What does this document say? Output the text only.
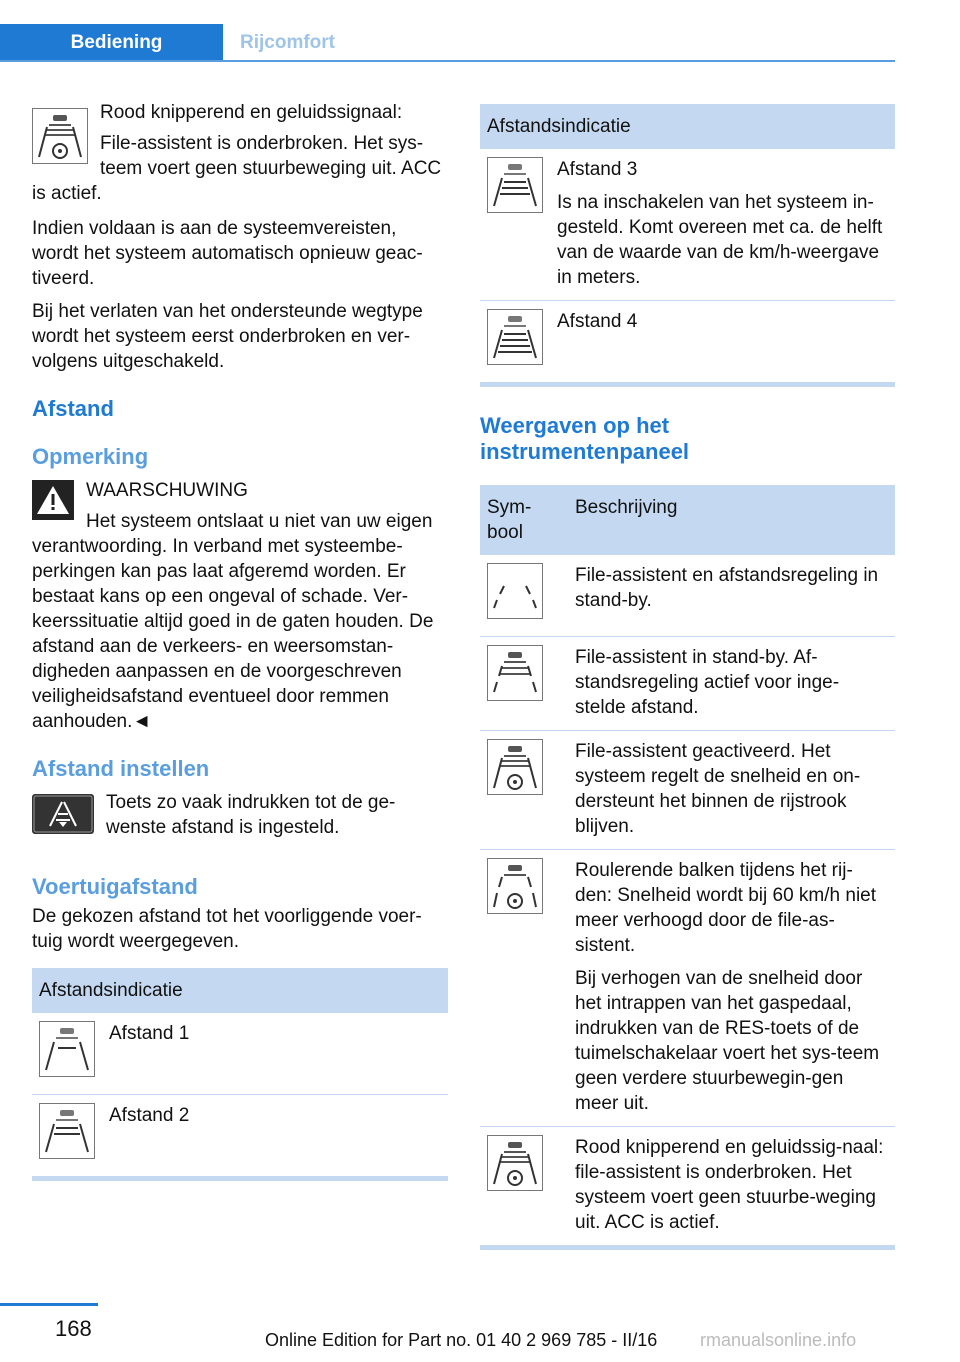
Bediening	Rijcomfort

Rood knipperend en geluidssignaal:

File-assistent is onderbroken. Het sys-teem voert geen stuurbeweging uit. ACC is actief.

Indien voldaan is aan de systeemvereisten, wordt het systeem automatisch opnieuw geac-tiveerd.

Bij het verlaten van het ondersteunde wegtype wordt het systeem eerst onderbroken en ver-volgens uitgeschakeld.

Afstand
Opmerking

WAARSCHUWING

Het systeem ontslaat u niet van uw eigen verantwoording. In verband met systeembe-perkingen kan pas laat afgeremd worden. Er bestaat kans op een ongeval of schade. Ver-keerssituatie altijd goed in de gaten houden. De afstand aan de verkeers- en weersomstan-digheden aanpassen en de voorgeschreven veiligheidsafstand eventueel door remmen aanhouden.◄

Afstand instellen

Toets zo vaak indrukken tot de ge-wenste afstand is ingesteld.

Voertuigafstand

De gekozen afstand tot het voorliggende voer-tuig wordt weergegeven.

Afstandsindicatie	

	Afstand 1

	Afstand 2
Afstandsindicatie	

Afstand 3

Is na inschakelen van het systeem in-gesteld. Komt overeen met ca. de helft van de waarde van de km/h-weergave in meters.

	Afstand 4
Weergaven op het instrumentenpaneel
Sym-bool	Beschrijving

	File-assistent en afstandsregeling in stand-by.

	File-assistent in stand-by. Af-standsregeling actief voor inge-stelde afstand.

	File-assistent geactiveerd. Het systeem regelt de snelheid en on-dersteunt het binnen de rijstrook blijven.

Roulerende balken tijdens het rij-den: Snelheid wordt bij 60 km/h niet meer verhoogd door de file-as-sistent.

Bij verhogen van de snelheid door het intrappen van het gaspedaal, indrukken van de RES-toets of de tuimelschakelaar voert het sys-teem geen verdere stuurbewegin-gen meer uit.

	Rood knipperend en geluidssig-naal: file-assistent is onderbroken. Het systeem voert geen stuurbe-weging uit. ACC is actief.
168	Online Edition for Part no. 01 40 2 969 785 - II/16 rmanualsonline.info
